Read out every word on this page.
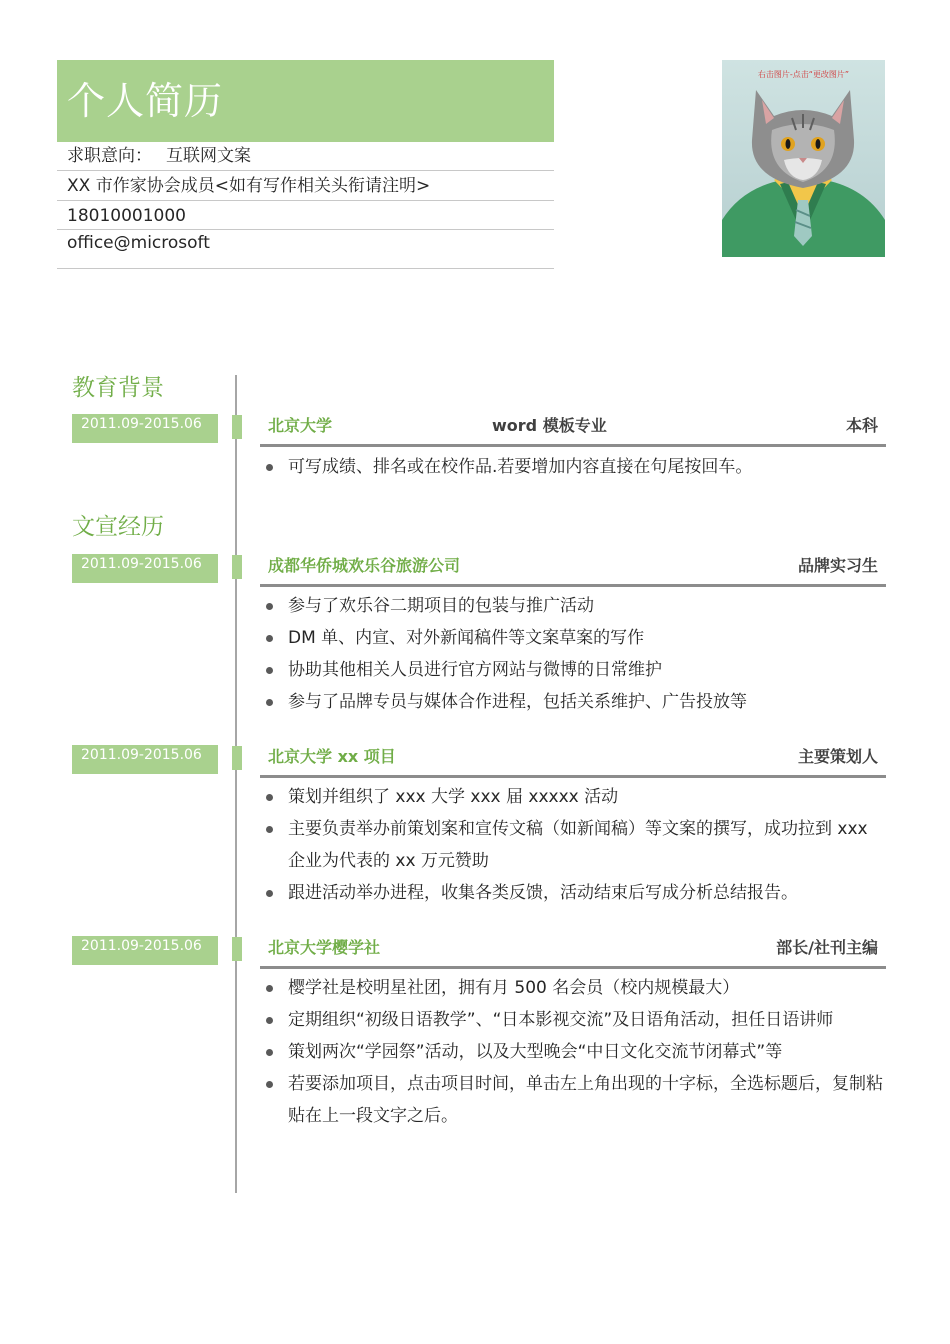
个人简历
求职意向： 互联网文案
XX 市作家协会成员<如有写作相关头衔请注明>
18010001000
office@microsoft
右击图片-点击“更改图片”
教育背景
2011.09-2015.06	北京大学	word 模板专业	本科
可写成绩、排名或在校作品.若要增加内容直接在句尾按回车。
文宣经历
2011.09-2015.06	成都华侨城欢乐谷旅游公司	品牌实习生
参与了欢乐谷二期项目的包装与推广活动
DM 单、内宣、对外新闻稿件等文案草案的写作
协助其他相关人员进行官方网站与微博的日常维护
参与了品牌专员与媒体合作进程，包括关系维护、广告投放等
2011.09-2015.06	北京大学 xx 项目	主要策划人
策划并组织了 xxx 大学 xxx 届 xxxxx 活动
主要负责举办前策划案和宣传文稿（如新闻稿）等文案的撰写，成功拉到 xxx 企业为代表的 xx 万元赞助
跟进活动举办进程，收集各类反馈，活动结束后写成分析总结报告。
2011.09-2015.06	北京大学樱学社	部长/社刊主编
樱学社是校明星社团，拥有月 500 名会员（校内规模最大）
定期组织“初级日语教学”、“日本影视交流”及日语角活动，担任日语讲师
策划两次“学园祭”活动，以及大型晚会“中日文化交流节闭幕式”等
若要添加项目，点击项目时间，单击左上角出现的十字标，全选标题后，复制粘贴在上一段文字之后。
